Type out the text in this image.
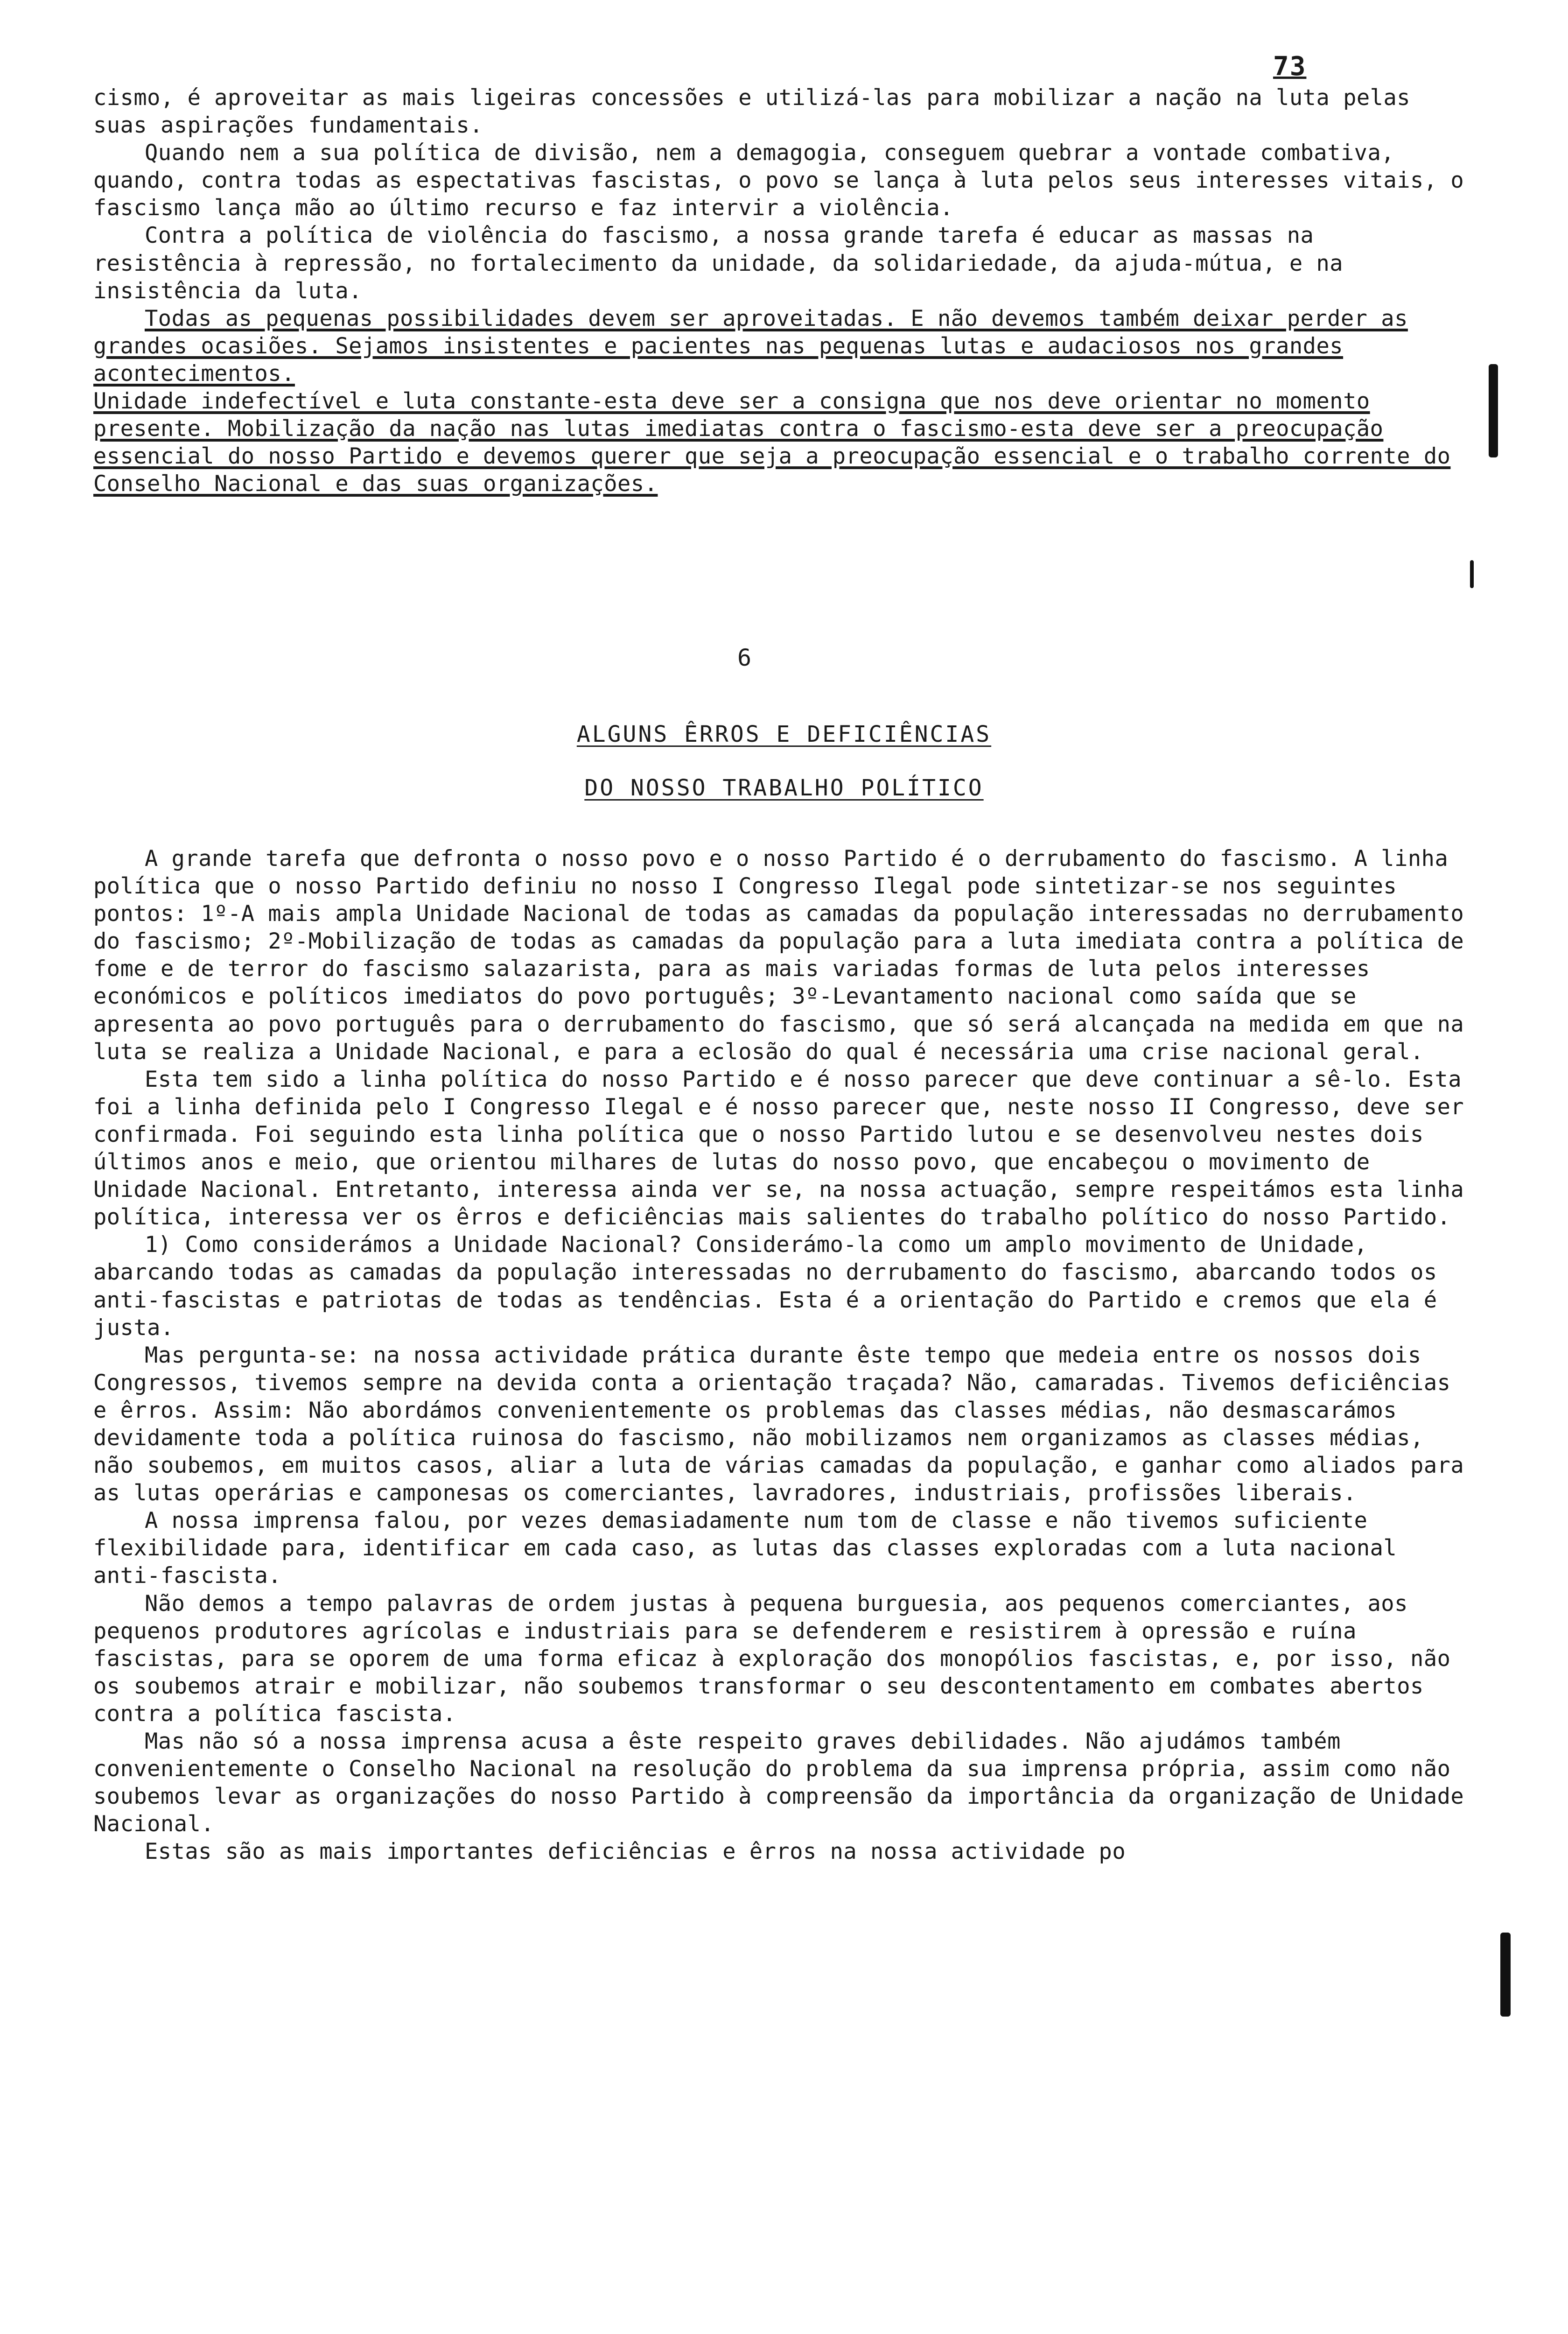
73

cismo, é aproveitar as mais ligeiras concessões e utilizá-las para mobilizar a nação na luta pelas suas aspirações fundamentais.

Quando nem a sua política de divisão, nem a demagogia, conseguem quebrar a vontade combativa, quando, contra todas as espectativas fascistas, o povo se lança à luta pelos seus interesses vitais, o fascismo lança mão ao último recurso e faz intervir a violência.

Contra a política de violência do fascismo, a nossa grande tarefa é educar as massas na resistência à repressão, no fortalecimento da unidade, da solidariedade, da ajuda-mútua, e na insistência da luta.

Todas as pequenas possibilidades devem ser aproveitadas. E não devemos também deixar perder as grandes ocasiões. Sejamos insistentes e pacientes nas pequenas lutas e audaciosos nos grandes acontecimentos.

Unidade indefectível e luta constante-esta deve ser a consigna que nos deve orientar no momento presente. Mobilização da nação nas lutas imediatas contra o fascismo-esta deve ser a preocupação essencial do nosso Partido e devemos querer que seja a preocupação essencial e o trabalho corrente do Conselho Nacional e das suas organizações.

6
ALGUNS ÊRROS E DEFICIÊNCIAS
DO NOSSO TRABALHO POLÍTICO

A grande tarefa que defronta o nosso povo e o nosso Partido é o derrubamento do fascismo. A linha política que o nosso Partido definiu no nosso I Congresso Ilegal pode sintetizar-se nos seguintes pontos: 1º-A mais ampla Unidade Nacional de todas as camadas da população interessadas no derrubamento do fascismo; 2º-Mobilização de todas as camadas da população para a luta imediata contra a política de fome e de terror do fascismo salazarista, para as mais variadas formas de luta pelos interesses económicos e políticos imediatos do povo português; 3º-Levantamento nacional como saída que se apresenta ao povo português para o derrubamento do fascismo, que só será alcançada na medida em que na luta se realiza a Unidade Nacional, e para a eclosão do qual é necessária uma crise nacional geral.

Esta tem sido a linha política do nosso Partido e é nosso parecer que deve continuar a sê-lo. Esta foi a linha definida pelo I Congresso Ilegal e é nosso parecer que, neste nosso II Congresso, deve ser confirmada. Foi seguindo esta linha política que o nosso Partido lutou e se desenvolveu nestes dois últimos anos e meio, que orientou milhares de lutas do nosso povo, que encabeçou o movimento de Unidade Nacional. Entretanto, interessa ainda ver se, na nossa actuação, sempre respeitámos esta linha política, interessa ver os êrros e deficiências mais salientes do trabalho político do nosso Partido.

1) Como considerámos a Unidade Nacional? Considerámo-la como um amplo movimento de Unidade, abarcando todas as camadas da população interessadas no derrubamento do fascismo, abarcando todos os anti-fascistas e patriotas de todas as tendências. Esta é a orientação do Partido e cremos que ela é justa.

Mas pergunta-se: na nossa actividade prática durante êste tempo que medeia entre os nossos dois Congressos, tivemos sempre na devida conta a orientação traçada? Não, camaradas. Tivemos deficiências e êrros. Assim: Não abordámos convenientemente os problemas das classes médias, não desmascarámos devidamente toda a política ruinosa do fascismo, não mobilizamos nem organizamos as classes médias, não soubemos, em muitos casos, aliar a luta de várias camadas da população, e ganhar como aliados para as lutas operárias e camponesas os comerciantes, lavradores, industriais, profissões liberais.

A nossa imprensa falou, por vezes demasiadamente num tom de classe e não tivemos suficiente flexibilidade para, identificar em cada caso, as lutas das classes exploradas com a luta nacional anti-fascista.

Não demos a tempo palavras de ordem justas à pequena burguesia, aos pequenos comerciantes, aos pequenos produtores agrícolas e industriais para se defenderem e resistirem à opressão e ruína fascistas, para se oporem de uma forma eficaz à exploração dos monopólios fascistas, e, por isso, não os soubemos atrair e mobilizar, não soubemos transformar o seu descontentamento em combates abertos contra a política fascista.

Mas não só a nossa imprensa acusa a êste respeito graves debilidades. Não ajudámos também convenientemente o Conselho Nacional na resolução do problema da sua imprensa própria, assim como não soubemos levar as organizações do nosso Partido à compreensão da importância da organização de Unidade Nacional.

Estas são as mais importantes deficiências e êrros na nossa actividade po
